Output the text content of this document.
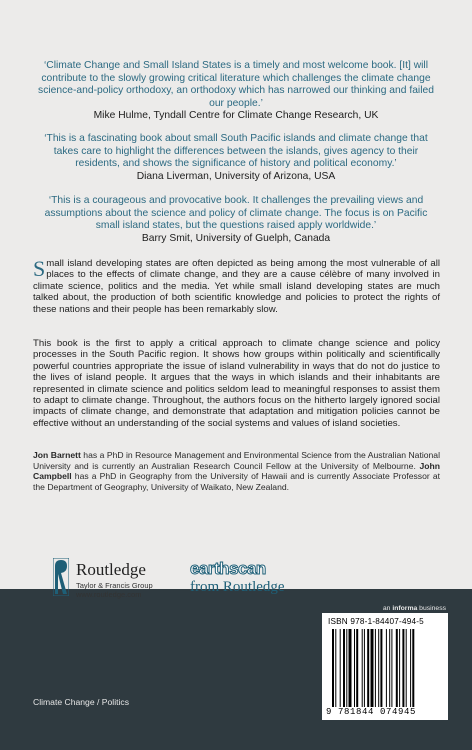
‘Climate Change and Small Island States is a timely and most welcome book. [It] will contribute to the slowly growing critical literature which challenges the climate change science-and-policy orthodoxy, an orthodoxy which has narrowed our thinking and failed our people.’
Mike Hulme, Tyndall Centre for Climate Change Research, UK
‘This is a fascinating book about small South Pacific islands and climate change that takes care to highlight the differences between the islands, gives agency to their residents, and shows the significance of history and political economy.’
Diana Liverman, University of Arizona, USA
‘This is a courageous and provocative book. It challenges the prevailing views and assumptions about the science and policy of climate change. The focus is on Pacific small island states, but the questions raised apply worldwide.’
Barry Smit, University of Guelph, Canada
Small island developing states are often depicted as being among the most vulnerable of all places to the effects of climate change, and they are a cause célèbre of many involved in climate science, politics and the media. Yet while small island developing states are much talked about, the production of both scientific knowledge and policies to protect the rights of these nations and their people has been remarkably slow.
This book is the first to apply a critical approach to climate change science and policy processes in the South Pacific region. It shows how groups within politically and scientifically powerful countries appropriate the issue of island vulnerability in ways that do not do justice to the lives of island people. It argues that the ways in which islands and their inhabitants are represented in climate science and politics seldom lead to meaningful responses to assist them to adapt to climate change. Throughout, the authors focus on the hitherto largely ignored social impacts of climate change, and demonstrate that adaptation and mitigation policies cannot be effective without an understanding of the social systems and values of island societies.
Jon Barnett has a PhD in Resource Management and Environmental Science from the Australian National University and is currently an Australian Research Council Fellow at the University of Melbourne. John Campbell has a PhD in Geography from the University of Hawaii and is currently Associate Professor at the Department of Geography, University of Waikato, New Zealand.
Routledge
Taylor & Francis Group
www.routledge.com
earthscan
from Routledge
an informa business
ISBN 978-1-84407-494-5
9 781844 074945
Climate Change / Politics
